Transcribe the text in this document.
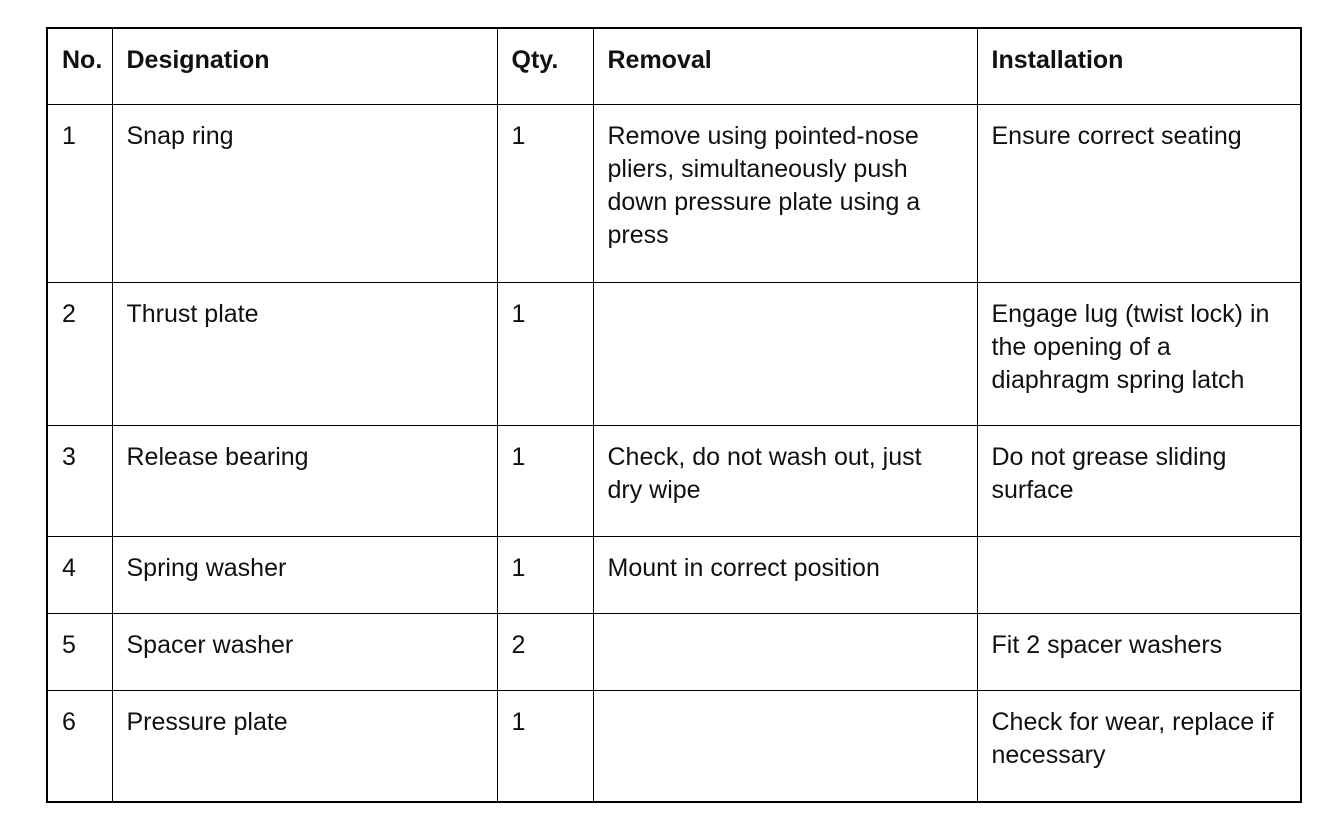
No.	Designation	Qty.	Removal	Installation
1	Snap ring	1	Remove using pointed-nose pliers, simultaneously push down pressure plate using a press	Ensure correct seating
2	Thrust plate	1		Engage lug (twist lock) in the opening of a diaphragm spring latch
3	Release bearing	1	Check, do not wash out, just dry wipe	Do not grease sliding surface
4	Spring washer	1	Mount in correct position	
5	Spacer washer	2		Fit 2 spacer washers
6	Pressure plate	1		Check for wear, replace if necessary
